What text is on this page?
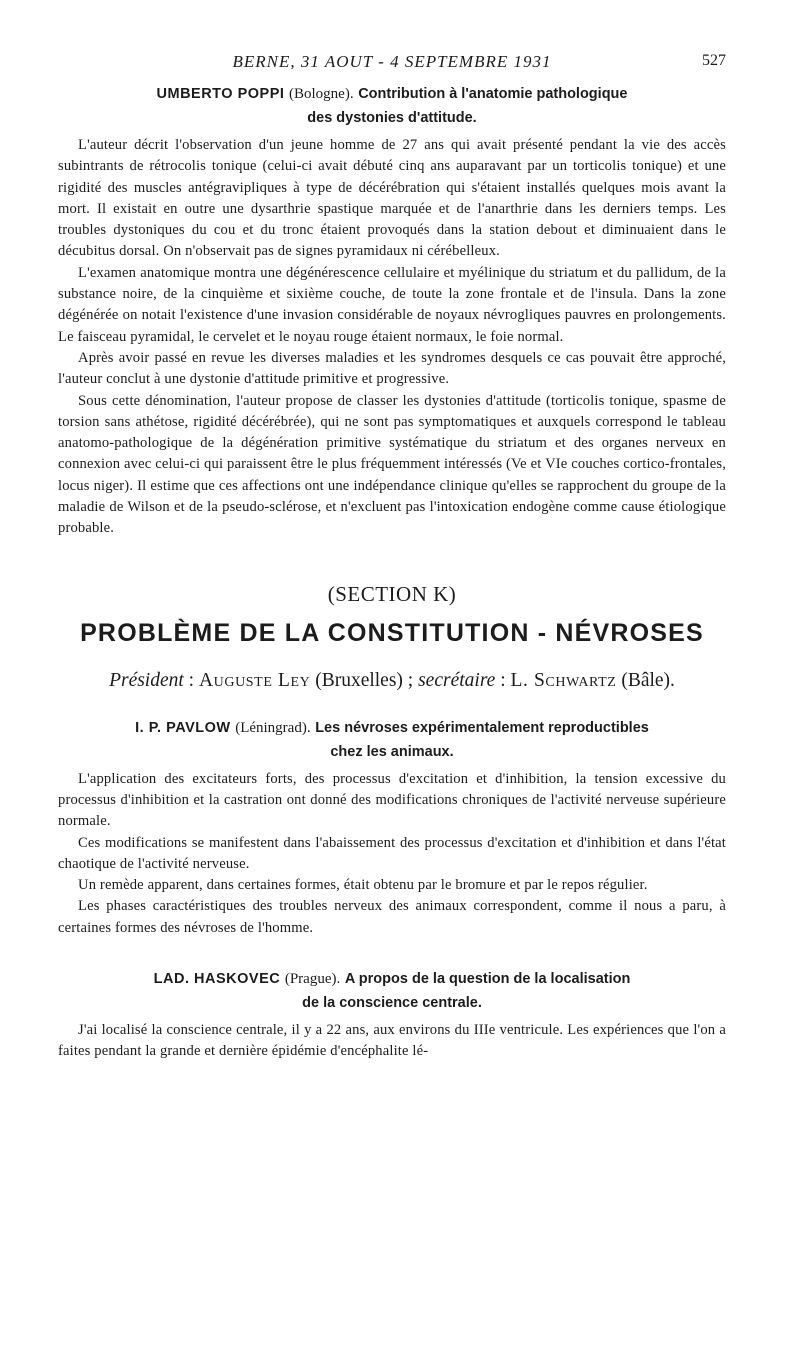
BERNE, 31 AOUT - 4 SEPTEMBRE 1931	527
UMBERTO POPPI (Bologne). Contribution à l'anatomie pathologique
des dystonies d'attitude.

L'auteur décrit l'observation d'un jeune homme de 27 ans qui avait présenté pendant la vie des accès subintrants de rétrocolis tonique (celui-ci avait débuté cinq ans auparavant par un torticolis tonique) et une rigidité des muscles antégravipliques à type de décérébration qui s'étaient installés quelques mois avant la mort. Il existait en outre une dysarthrie spastique marquée et de l'anarthrie dans les derniers temps. Les troubles dystoniques du cou et du tronc étaient provoqués dans la station debout et diminuaient dans le décubitus dorsal. On n'observait pas de signes pyramidaux ni cérébelleux.

L'examen anatomique montra une dégénérescence cellulaire et myélinique du striatum et du pallidum, de la substance noire, de la cinquième et sixième couche, de toute la zone frontale et de l'insula. Dans la zone dégénérée on notait l'existence d'une invasion considérable de noyaux névrogliques pauvres en prolongements. Le faisceau pyramidal, le cervelet et le noyau rouge étaient normaux, le foie normal.

Après avoir passé en revue les diverses maladies et les syndromes desquels ce cas pouvait être approché, l'auteur conclut à une dystonie d'attitude primitive et progressive.

Sous cette dénomination, l'auteur propose de classer les dystonies d'attitude (torticolis tonique, spasme de torsion sans athétose, rigidité décérébrée), qui ne sont pas symptomatiques et auxquels correspond le tableau anatomo-pathologique de la dégénération primitive systématique du striatum et des organes nerveux en connexion avec celui-ci qui paraissent être le plus fréquemment intéressés (Ve et VIe couches cortico-frontales, locus niger). Il estime que ces affections ont une indépendance clinique qu'elles se rapprochent du groupe de la maladie de Wilson et de la pseudo-sclérose, et n'excluent pas l'intoxication endogène comme cause étiologique probable.

(SECTION K)
PROBLÈME DE LA CONSTITUTION - NÉVROSES
Président : Auguste Ley (Bruxelles) ; secrétaire : L. Schwartz (Bâle).
I. P. PAVLOW (Léningrad). Les névroses expérimentalement reproductibles
chez les animaux.

L'application des excitateurs forts, des processus d'excitation et d'inhibition, la tension excessive du processus d'inhibition et la castration ont donné des modifications chroniques de l'activité nerveuse supérieure normale.

Ces modifications se manifestent dans l'abaissement des processus d'excitation et d'inhibition et dans l'état chaotique de l'activité nerveuse.

Un remède apparent, dans certaines formes, était obtenu par le bromure et par le repos régulier.

Les phases caractéristiques des troubles nerveux des animaux correspondent, comme il nous a paru, à certaines formes des névroses de l'homme.

LAD. HASKOVEC (Prague). A propos de la question de la localisation
de la conscience centrale.

J'ai localisé la conscience centrale, il y a 22 ans, aux environs du IIIe ventricule. Les expériences que l'on a faites pendant la grande et dernière épidémie d'encéphalite lé-
